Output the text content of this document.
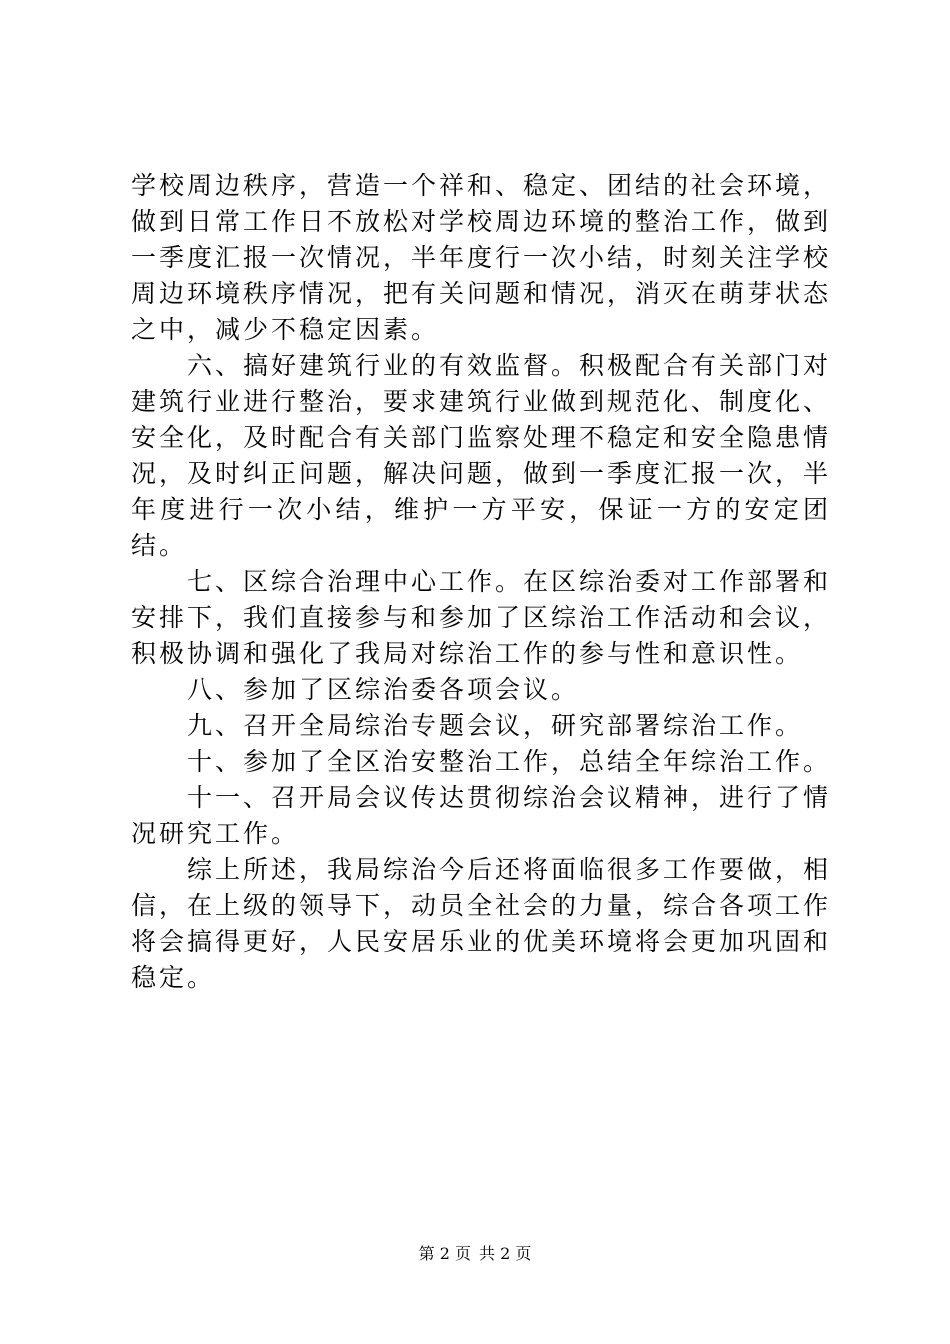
学校周边秩序，营造一个祥和、稳定、团结的社会环境，做到日常工作日不放松对学校周边环境的整治工作，做到一季度汇报一次情况，半年度行一次小结，时刻关注学校周边环境秩序情况，把有关问题和情况，消灭在萌芽状态之中，减少不稳定因素。

六、搞好建筑行业的有效监督。积极配合有关部门对建筑行业进行整治，要求建筑行业做到规范化、制度化、安全化，及时配合有关部门监察处理不稳定和安全隐患情况，及时纠正问题，解决问题，做到一季度汇报一次，半年度进行一次小结，维护一方平安，保证一方的安定团结。

七、区综合治理中心工作。在区综治委对工作部署和安排下，我们直接参与和参加了区综治工作活动和会议，积极协调和强化了我局对综治工作的参与性和意识性。

八、参加了区综治委各项会议。

九、召开全局综治专题会议，研究部署综治工作。

十、参加了全区治安整治工作，总结全年综治工作。

十一、召开局会议传达贯彻综治会议精神，进行了情况研究工作。

综上所述，我局综治今后还将面临很多工作要做，相信，在上级的领导下，动员全社会的力量，综合各项工作将会搞得更好，人民安居乐业的优美环境将会更加巩固和稳定。

第 2 页 共 2 页
